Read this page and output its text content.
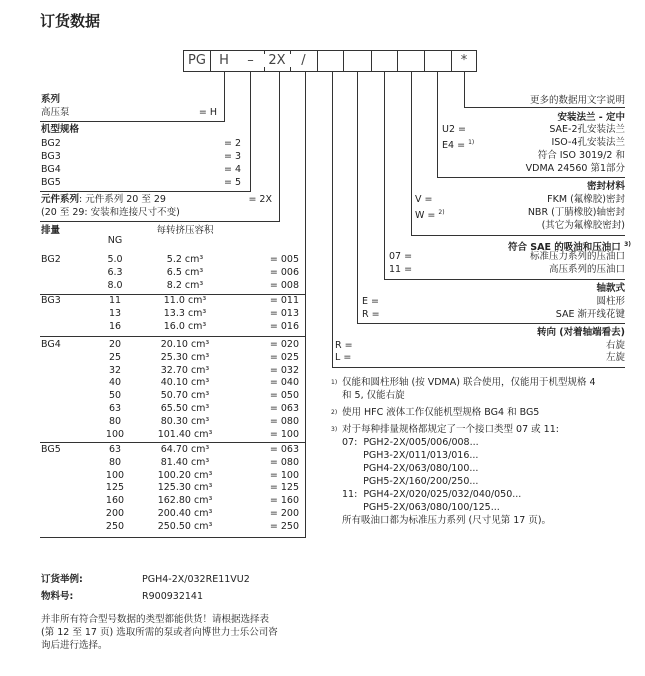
订货数据
PG	H	–	2X	/	*
系列
高压泵	= H
机型规格
BG2	= 2
BG3	= 3
BG4	= 4
BG5	= 5
元件系列: 元件系列 20 至 29	= 2X
(20 至 29: 安装和连接尺寸不变)
排量	每转挤压容积
NG
BG2	5.0	5.2 cm³	= 005
6.3	6.5 cm³	= 006
8.0	8.2 cm³	= 008
BG3	11	11.0 cm³	= 011
13	13.3 cm³	= 013
16	16.0 cm³	= 016
BG4	20	20.10 cm³	= 020
25	25.30 cm³	= 025
32	32.70 cm³	= 032
40	40.10 cm³	= 040
50	50.70 cm³	= 050
63	65.50 cm³	= 063
80	80.30 cm³	= 080
100	101.40 cm³	= 100
BG5	63	64.70 cm³	= 063
80	81.40 cm³	= 080
100	100.20 cm³	= 100
125	125.30 cm³	= 125
160	162.80 cm³	= 160
200	200.40 cm³	= 200
250	250.50 cm³	= 250
更多的数据用文字说明
安装法兰 - 定中
U2 =	SAE-2孔安装法兰
E4 = $^{1)}$	ISO-4孔安装法兰
符合 ISO 3019/2 和
VDMA 24560 第1部分
密封材料
V =	FKM (氟橡胶)密封
W = $^{2)}$	NBR (丁腈橡胶)轴密封
(其它为氟橡胶密封)
符合 SAE 的吸油和压油口 $^{3)}$
07 =	标准压力系列的压油口
11 =	高压系列的压油口
轴款式
E =	圆柱形
R =	SAE 渐开线花键
转向 (对着轴端看去)
R =	右旋
L =	左旋
1) 仅能和圆柱形轴 (按 VDMA) 联合使用，仅能用于机型规格 4
和 5, 仅能右旋
2) 使用 HFC 液体工作仅能机型规格 BG4 和 BG5
3) 对于每种排量规格都规定了一个接口类型 07 或 11:
07:  PGH2-2X/005/006/008...
PGH3-2X/011/013/016...
PGH4-2X/063/080/100...
PGH5-2X/160/200/250...
11:  PGH4-2X/020/025/032/040/050...
PGH5-2X/063/080/100/125...
所有吸油口都为标准压力系列 (尺寸见第 17 页)。
订货举例:	PGH4-2X/032RE11VU2
物料号:	R900932141
并非所有符合型号数据的类型都能供货！请根据选择表
(第 12 至 17 页) 选取所需的泵或者向博世力士乐公司咨
询后进行选择。
